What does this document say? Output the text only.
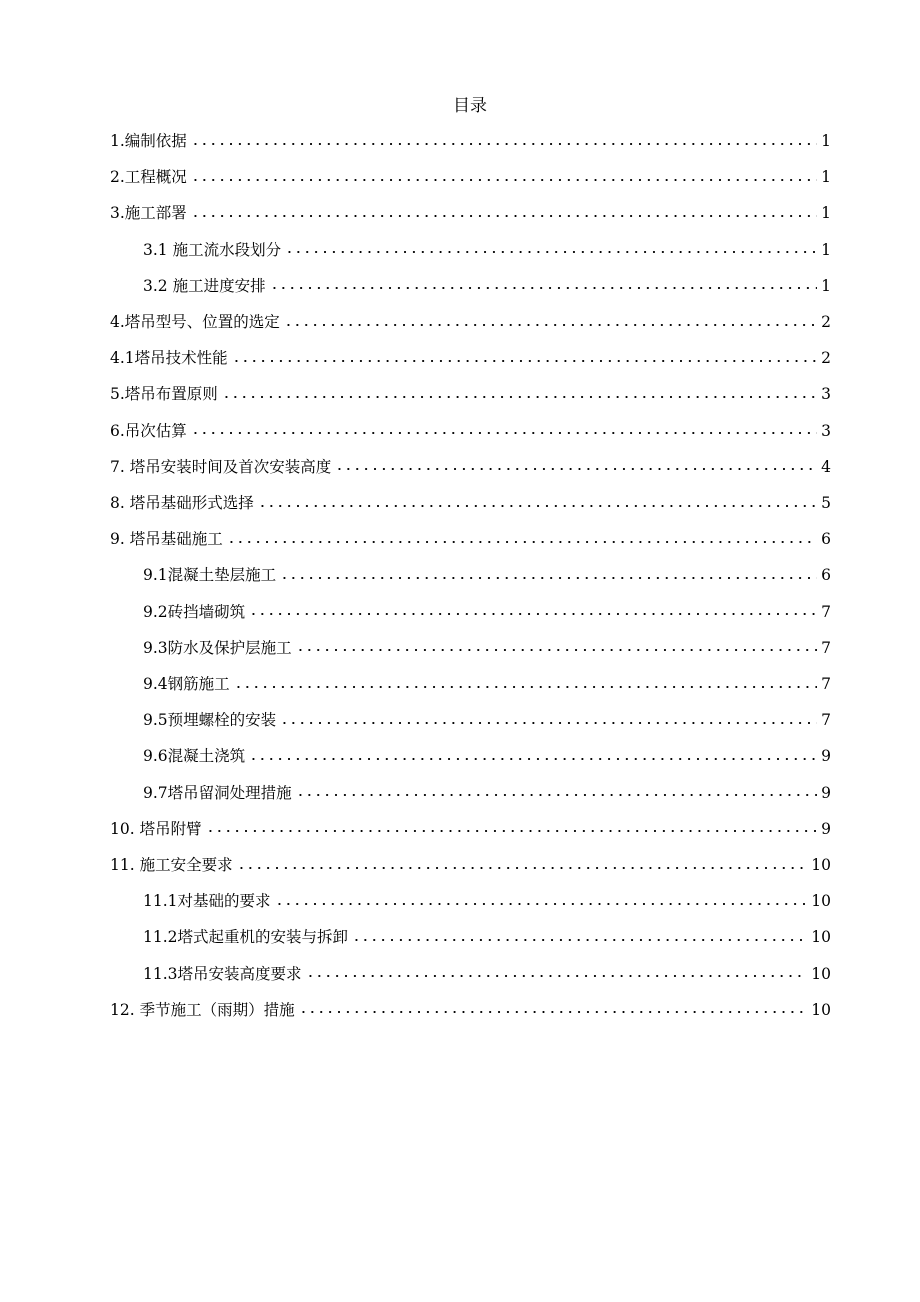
目录
1.编制依据	1
2.工程概况	1
3.施工部署	1
3.1 施工流水段划分	1
3.2 施工进度安排	1
4.塔吊型号、位置的选定	2
4.1塔吊技术性能	2
5.塔吊布置原则	3
6.吊次估算	3
7. 塔吊安装时间及首次安装高度	4
8. 塔吊基础形式选择	5
9. 塔吊基础施工	6
9.1混凝土垫层施工	6
9.2砖挡墙砌筑	7
9.3防水及保护层施工	7
9.4钢筋施工	7
9.5预埋螺栓的安装	7
9.6混凝土浇筑	9
9.7塔吊留洞处理措施	9
10. 塔吊附臂	9
11. 施工安全要求	10
11.1对基础的要求	10
11.2塔式起重机的安装与拆卸	10
11.3塔吊安装高度要求	10
12. 季节施工（雨期）措施	10
